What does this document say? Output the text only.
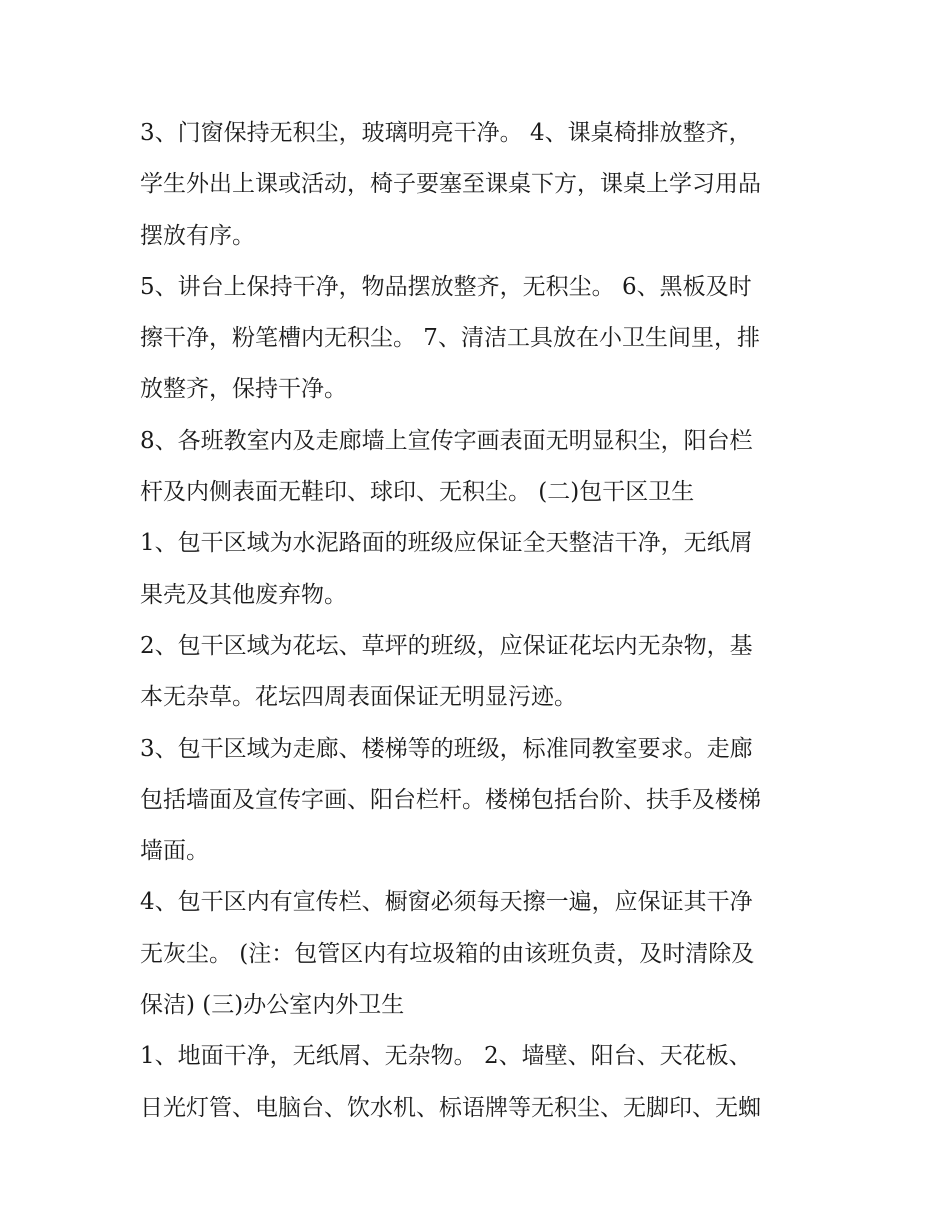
3、门窗保持无积尘，玻璃明亮干净。 4、课桌椅排放整齐，
学生外出上课或活动，椅子要塞至课桌下方，课桌上学习用品
摆放有序。
5、讲台上保持干净，物品摆放整齐，无积尘。 6、黑板及时
擦干净，粉笔槽内无积尘。 7、清洁工具放在小卫生间里，排
放整齐，保持干净。
8、各班教室内及走廊墙上宣传字画表面无明显积尘，阳台栏
杆及内侧表面无鞋印、球印、无积尘。 (二)包干区卫生
1、包干区域为水泥路面的班级应保证全天整洁干净，无纸屑
果壳及其他废弃物。
2、包干区域为花坛、草坪的班级，应保证花坛内无杂物，基
本无杂草。花坛四周表面保证无明显污迹。
3、包干区域为走廊、楼梯等的班级，标准同教室要求。走廊
包括墙面及宣传字画、阳台栏杆。楼梯包括台阶、扶手及楼梯
墙面。
4、包干区内有宣传栏、橱窗必须每天擦一遍，应保证其干净
无灰尘。 (注：包管区内有垃圾箱的由该班负责，及时清除及
保洁) (三)办公室内外卫生
1、地面干净，无纸屑、无杂物。 2、墙壁、阳台、天花板、
日光灯管、电脑台、饮水机、标语牌等无积尘、无脚印、无蜘
